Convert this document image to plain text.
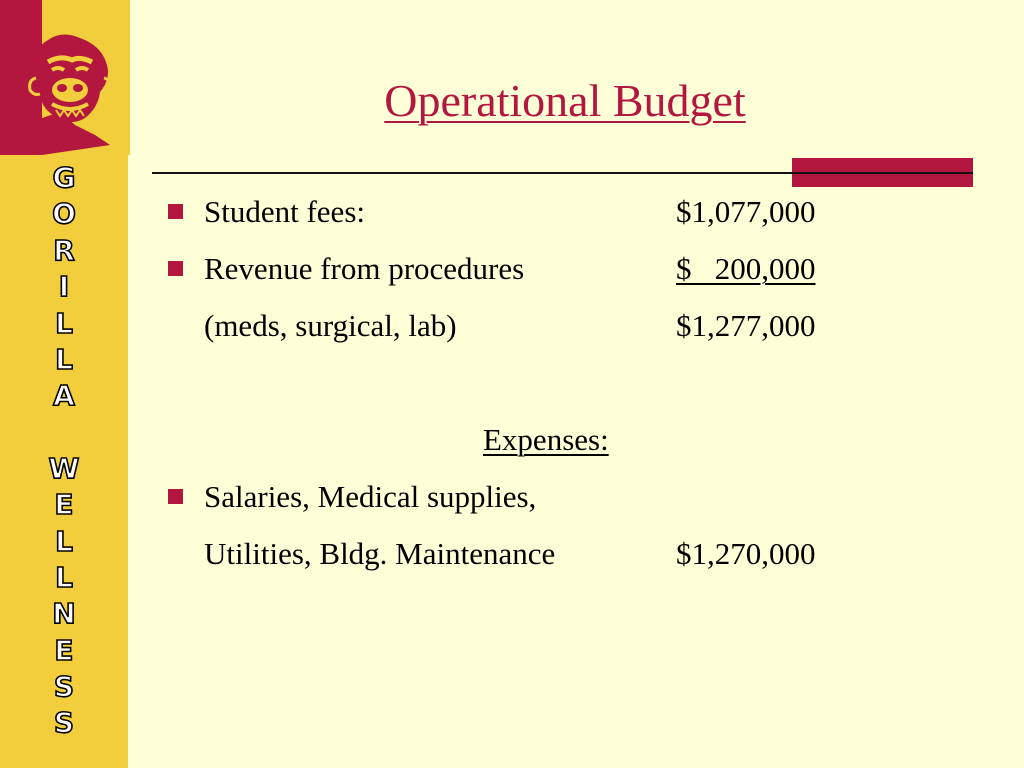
G
O
R
I
L
L
A
W
E
L
L
N
E
S
S
Operational Budget
Student fees:	$1,077,000
Revenue from procedures	$   200,000
(meds, surgical, lab)	$1,277,000
Expenses:
Salaries, Medical supplies,
Utilities, Bldg. Maintenance	$1,270,000
